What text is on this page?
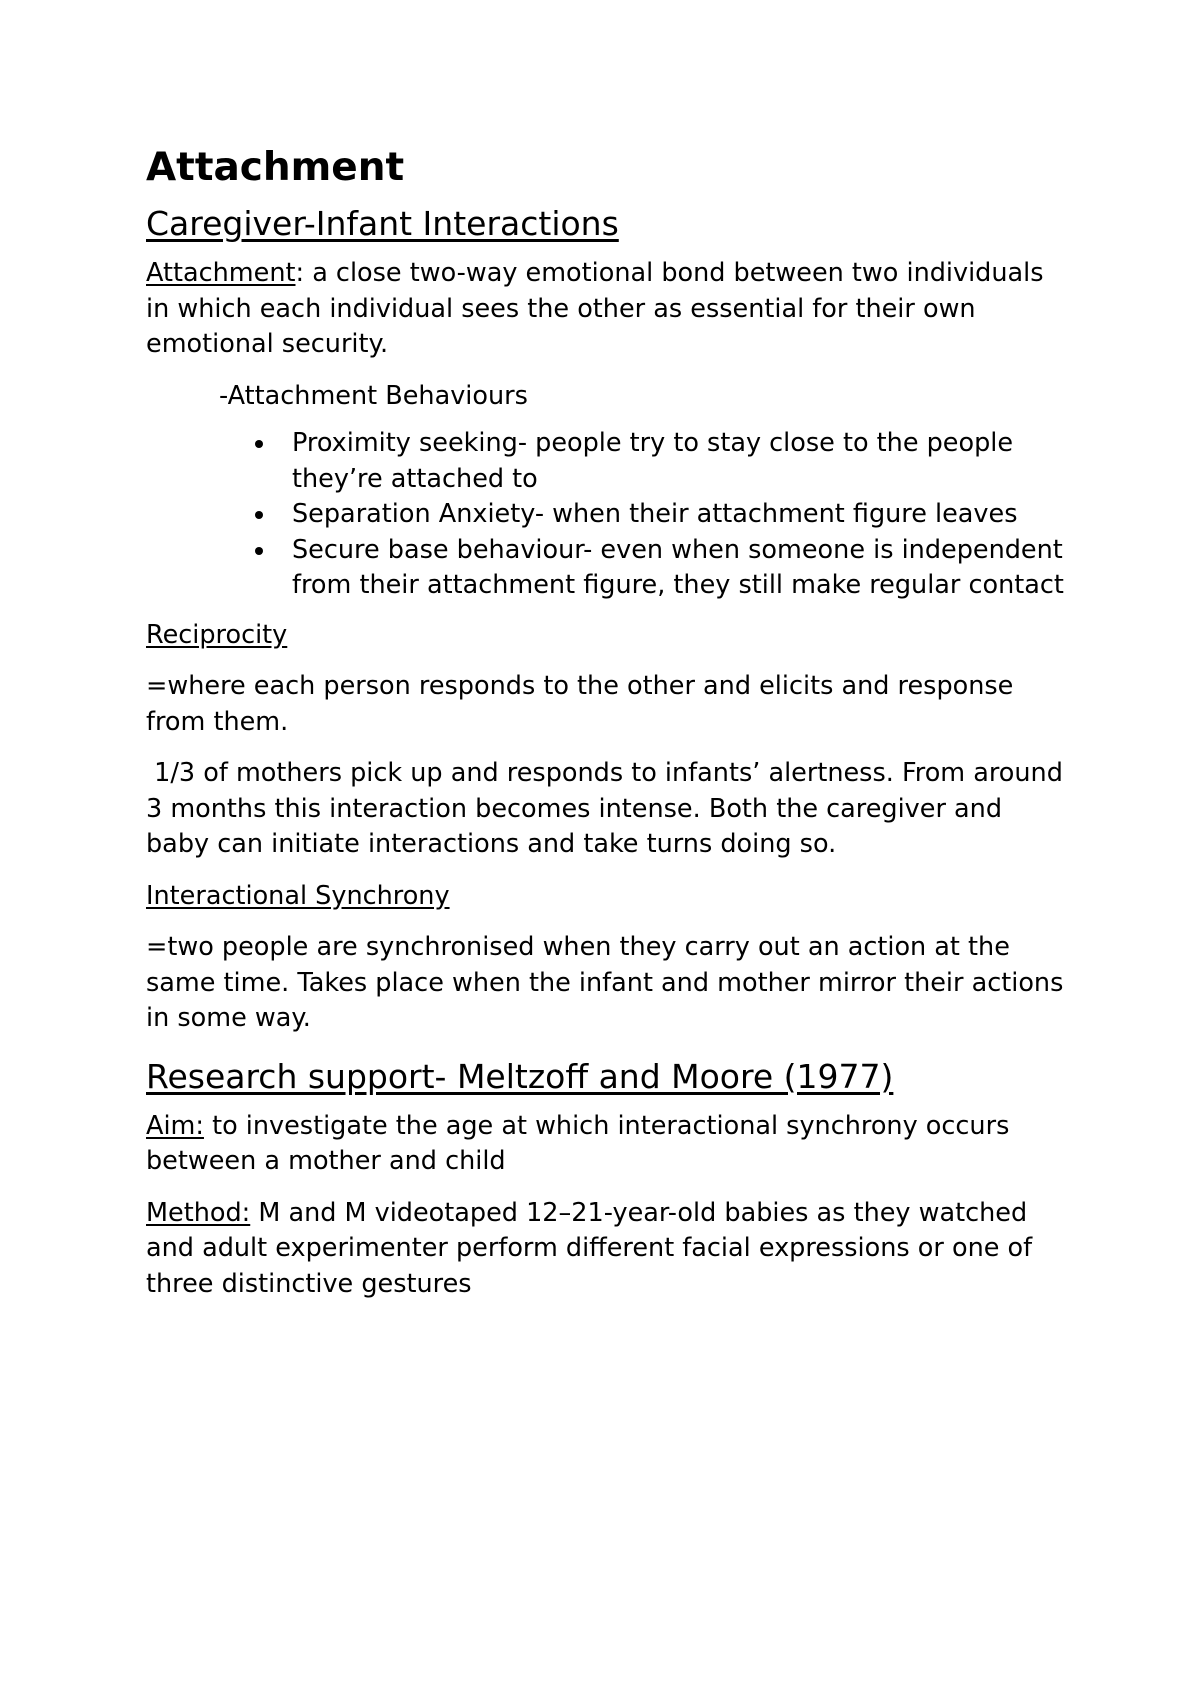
Attachment
Caregiver-Infant Interactions

Attachment: a close two-way emotional bond between two individuals in which each individual sees the other as essential for their own emotional security.

-Attachment Behaviours

Proximity seeking- people try to stay close to the people they’re attached to
Separation Anxiety- when their attachment figure leaves
Secure base behaviour- even when someone is independent from their attachment figure, they still make regular contact

Reciprocity

=where each person responds to the other and elicits and response from them.

1/3 of mothers pick up and responds to infants’ alertness. From around 3 months this interaction becomes intense. Both the caregiver and baby can initiate interactions and take turns doing so.

Interactional Synchrony

=two people are synchronised when they carry out an action at the same time. Takes place when the infant and mother mirror their actions in some way.

Research support- Meltzoff and Moore (1977)

Aim: to investigate the age at which interactional synchrony occurs between a mother and child

Method: M and M videotaped 12–21-year-old babies as they watched and adult experimenter perform different facial expressions or one of three distinctive gestures
